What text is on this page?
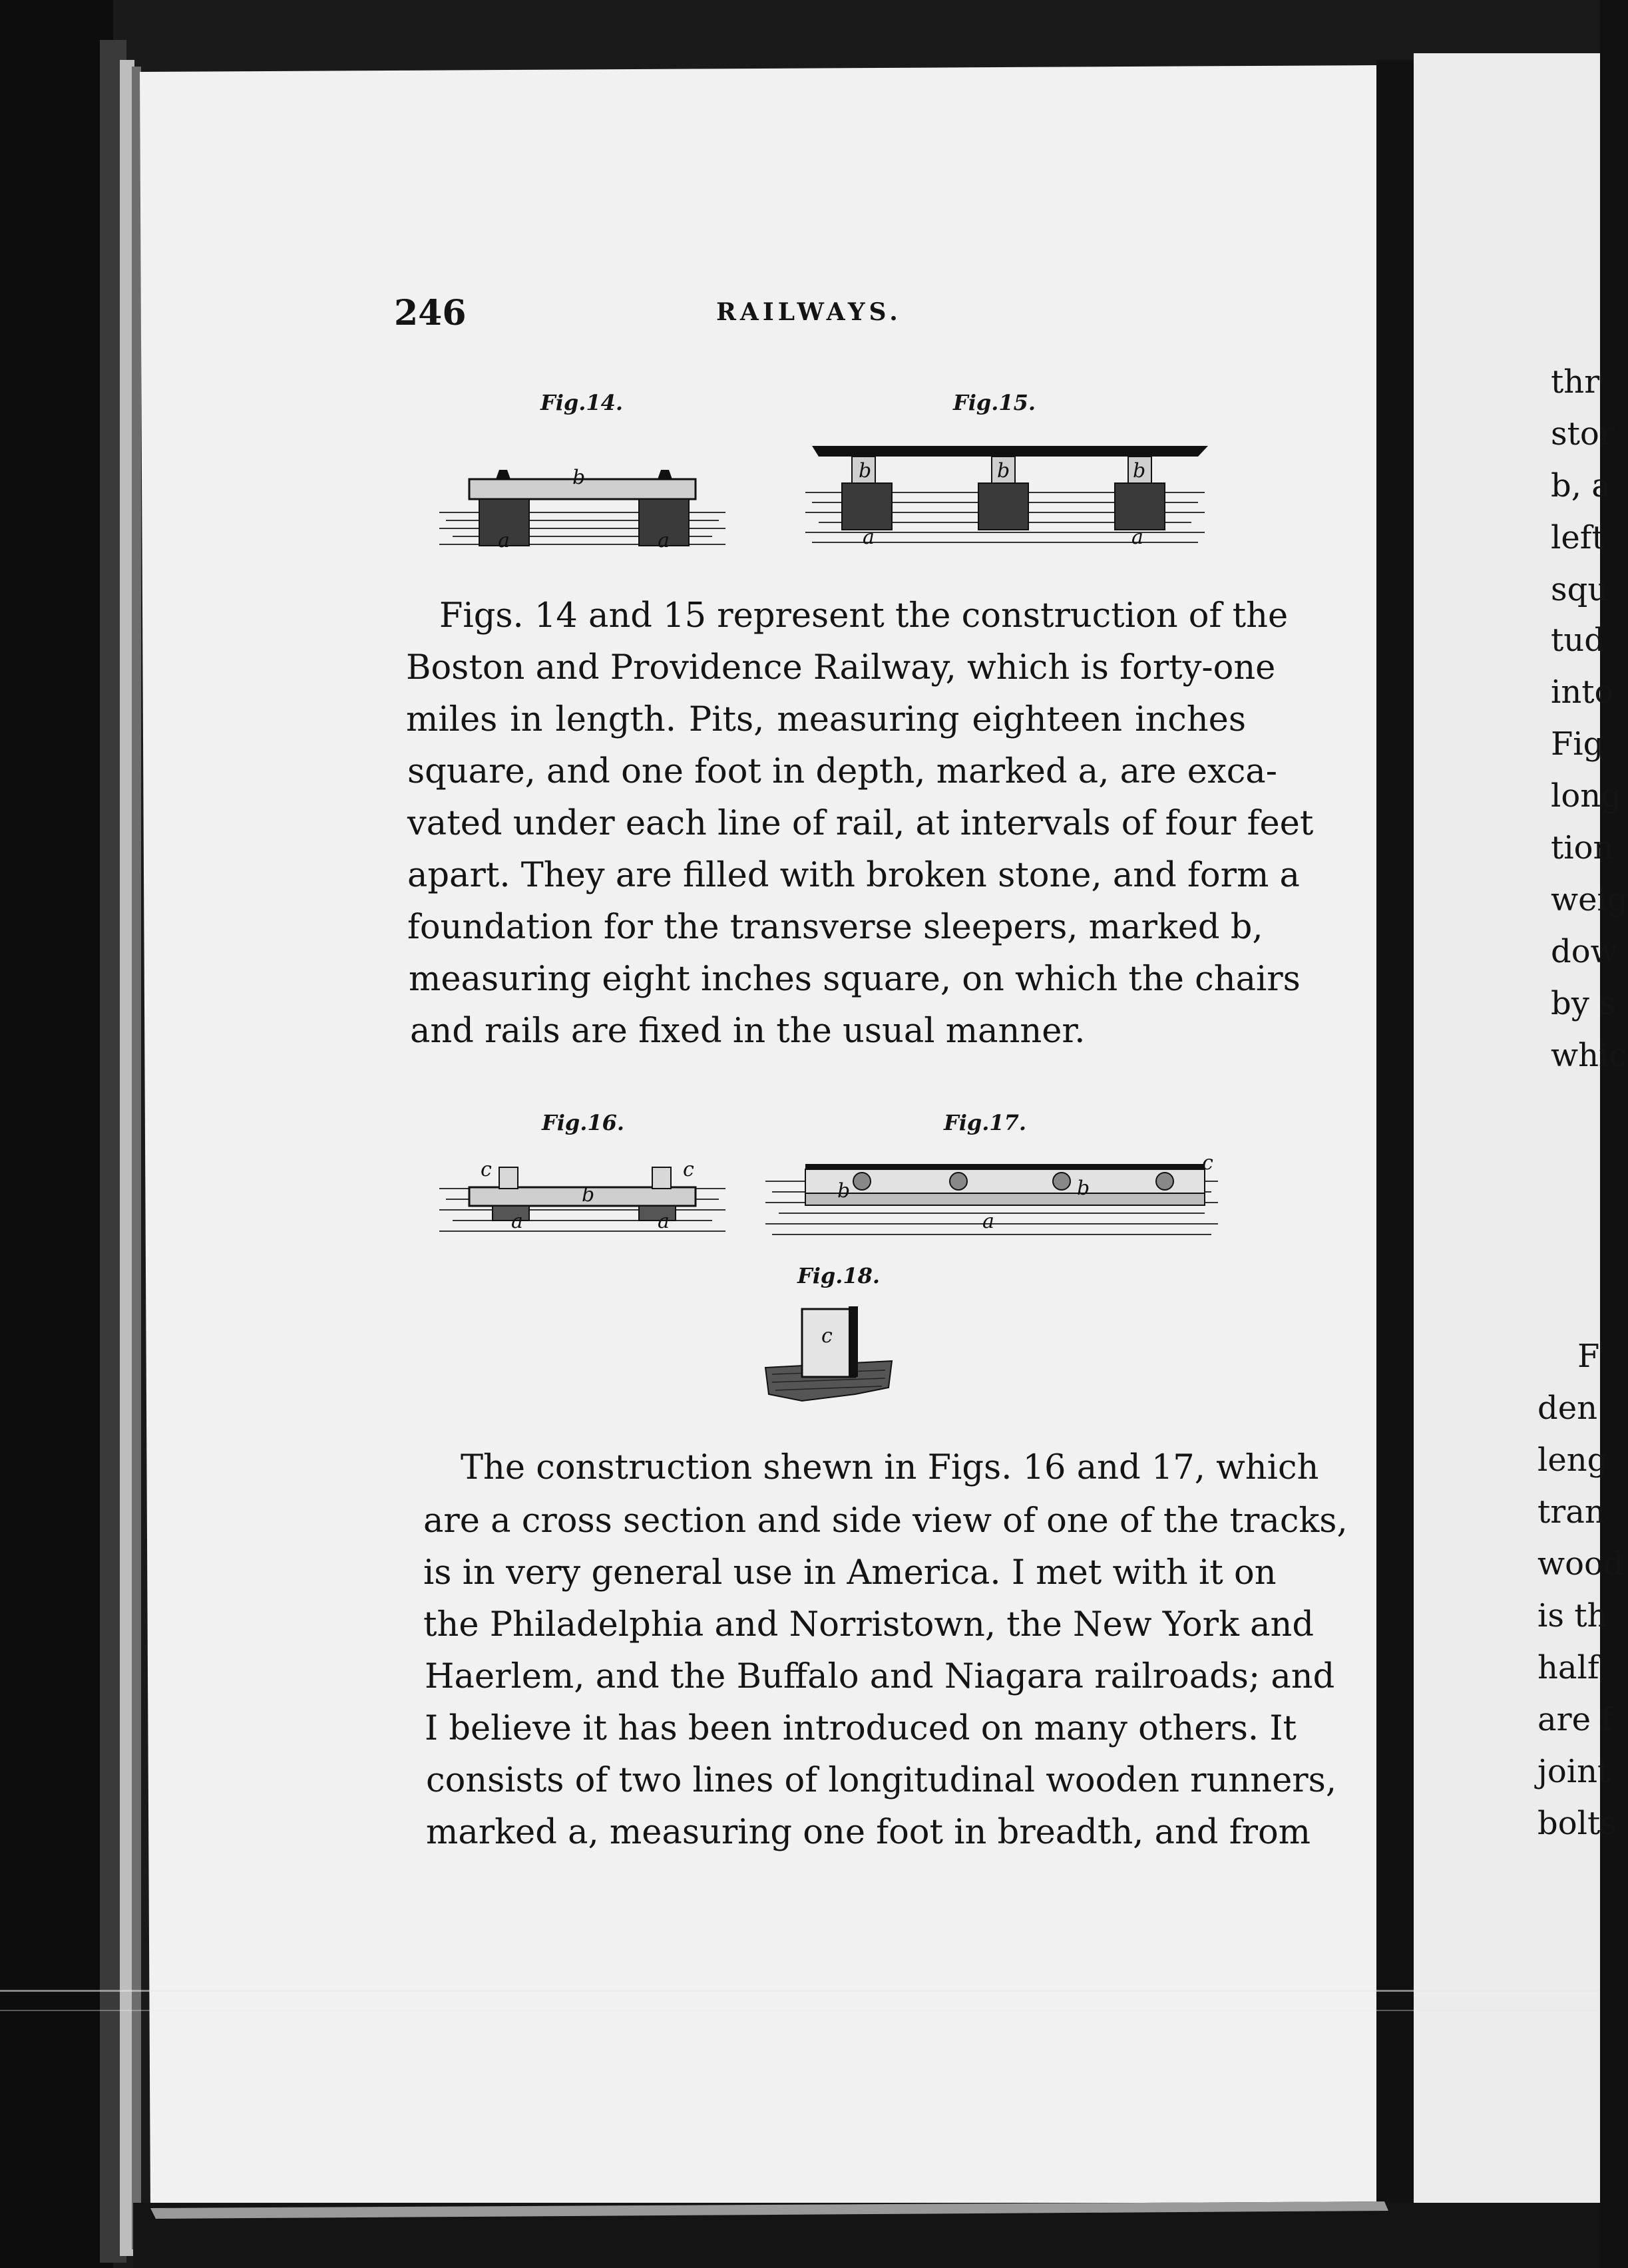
246	RAILWAYS.
Fig.14.
b
a	a
Fig.15.
b	b	b
a	a
Figs. 14 and 15 represent the construction of the
Boston and Providence Railway, which is forty-one
miles in length. Pits, measuring eighteen inches
square, and one foot in depth, marked a, are exca-
vated under each line of rail, at intervals of four feet
apart. They are filled with broken stone, and form a
foundation for the transverse sleepers, marked b,
measuring eight inches square, on which the chairs
and rails are fixed in the usual manner.
Fig.16.
c	c
b
a	a
Fig.17.
c
b	b
a
Fig.18.
c
The construction shewn in Figs. 16 and 17, which
are a cross section and side view of one of the tracks,
is in very general use in America. I met with it on
the Philadelphia and Norristown, the New York and
Haerlem, and the Buffalo and Niagara railroads; and
I believe it has been introduced on many others. It
consists of two lines of longitudinal wooden runners,
marked a, measuring one foot in breadth, and from
thr
stor
b, a
left
squ
tud
into
Fig
long
tion
weig
dow
by s
whic
F
den
leng
tran
wood
is th
half
are f
joint
bolts
